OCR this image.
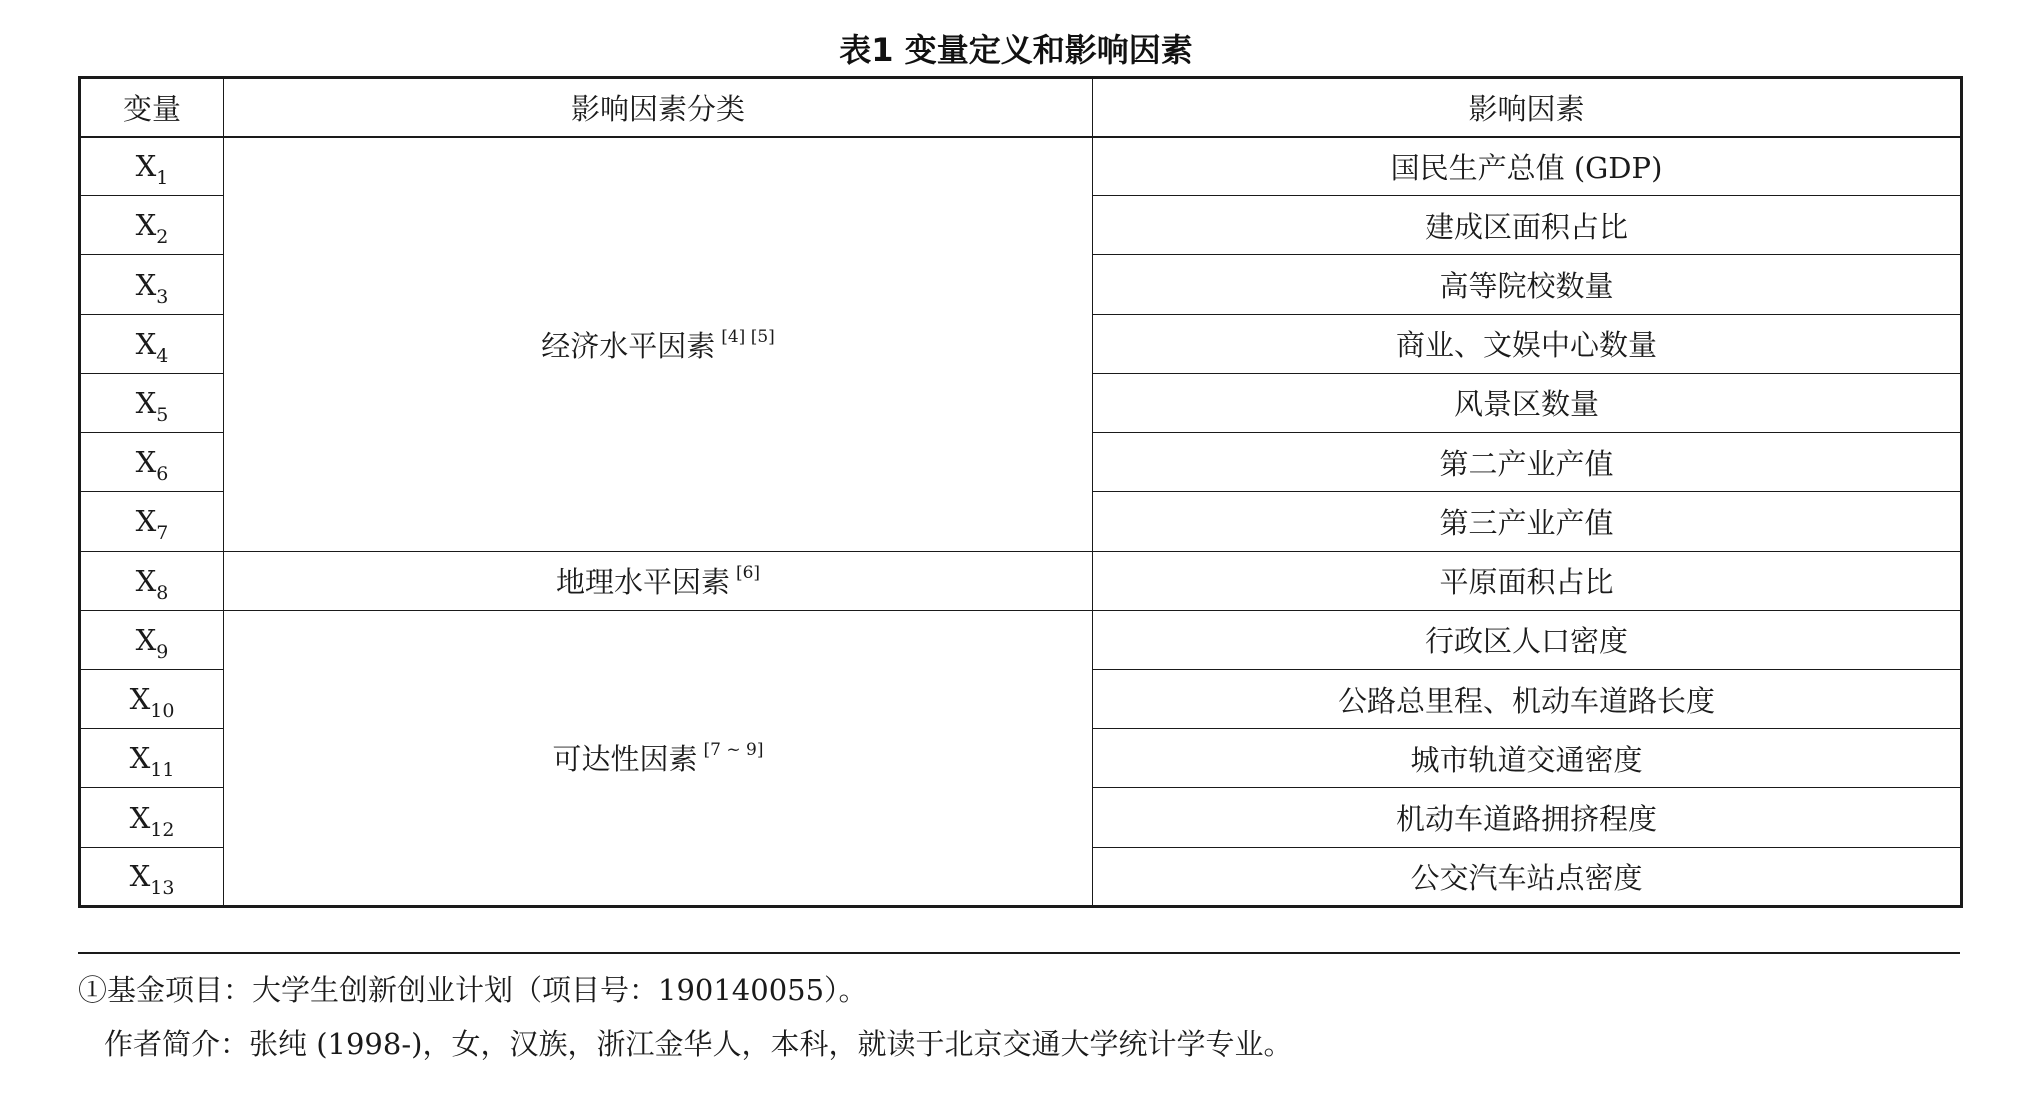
表1 变量定义和影响因素
变量	影响因素分类	影响因素
$X_1$	经济水平因素 [4] [5]	国民生产总值 (GDP)
$X_2$		建成区面积占比
$X_3$		高等院校数量
$X_4$		商业、文娱中心数量
$X_5$		风景区数量
$X_6$		第二产业产值
$X_7$		第三产业产值
$X_8$	地理水平因素 [6]	平原面积占比
$X_9$	可达性因素 [7 ~ 9]	行政区人口密度
$X_{10}$		公路总里程、机动车道路长度
$X_{11}$		城市轨道交通密度
$X_{12}$		机动车道路拥挤程度
$X_{13}$		公交汽车站点密度
①基金项目：大学生创新创业计划（项目号：190140055）。
作者简介：张纯 (1998-)，女，汉族，浙江金华人，本科，就读于北京交通大学统计学专业。
